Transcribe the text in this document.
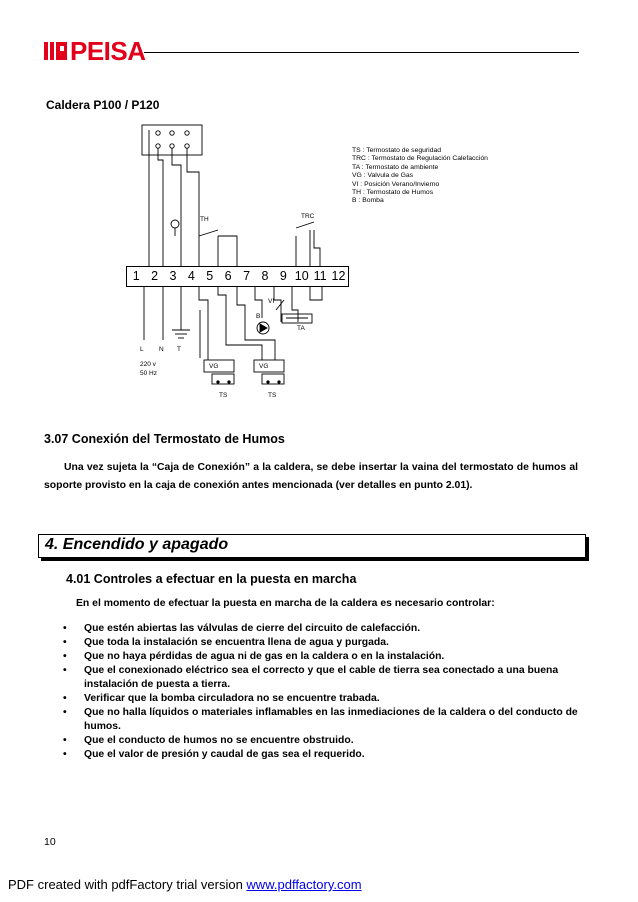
PEISA
Caldera P100 / P120
1 2 3 4 5 6 7 8 9 10 11 12
TH	TRC
VI
B
TA
L N T
220 v
50 Hz
VG	VG
TS	TS
TS : Termostato de seguridad
TRC : Termostato de Regulación Calefacción
TA : Termostato de ambiente
VG : Valvula de Gas
VI : Posición Verano/Invierno
TH : Termostato de Humos
B : Bomba
3.07 Conexión del Termostato de Humos
Una vez sujeta la “Caja de Conexión” a la caldera, se debe insertar la vaina del termostato de humos al soporte provisto en la caja de conexión antes mencionada (ver detalles en punto 2.01).
4. Encendido y apagado
4.01 Controles a efectuar en la puesta en marcha
En el momento de efectuar la puesta en marcha de la caldera es necesario controlar:
• Que estén abiertas las válvulas de cierre del circuito de calefacción.
• Que toda la instalación se encuentra llena de agua y purgada.
• Que no haya pérdidas de agua ni de gas en la caldera o en la instalación.
• Que el conexionado eléctrico sea el correcto y que el cable de tierra sea conectado a una buena instalación de puesta a tierra.
• Verificar que la bomba circuladora no se encuentre trabada.
• Que no halla líquidos o materiales inflamables en las inmediaciones de la caldera o del conducto de humos.
• Que el conducto de humos no se encuentre obstruido.
• Que el valor de presión y caudal de gas sea el requerido.
10
PDF created with pdfFactory trial version www.pdffactory.com
